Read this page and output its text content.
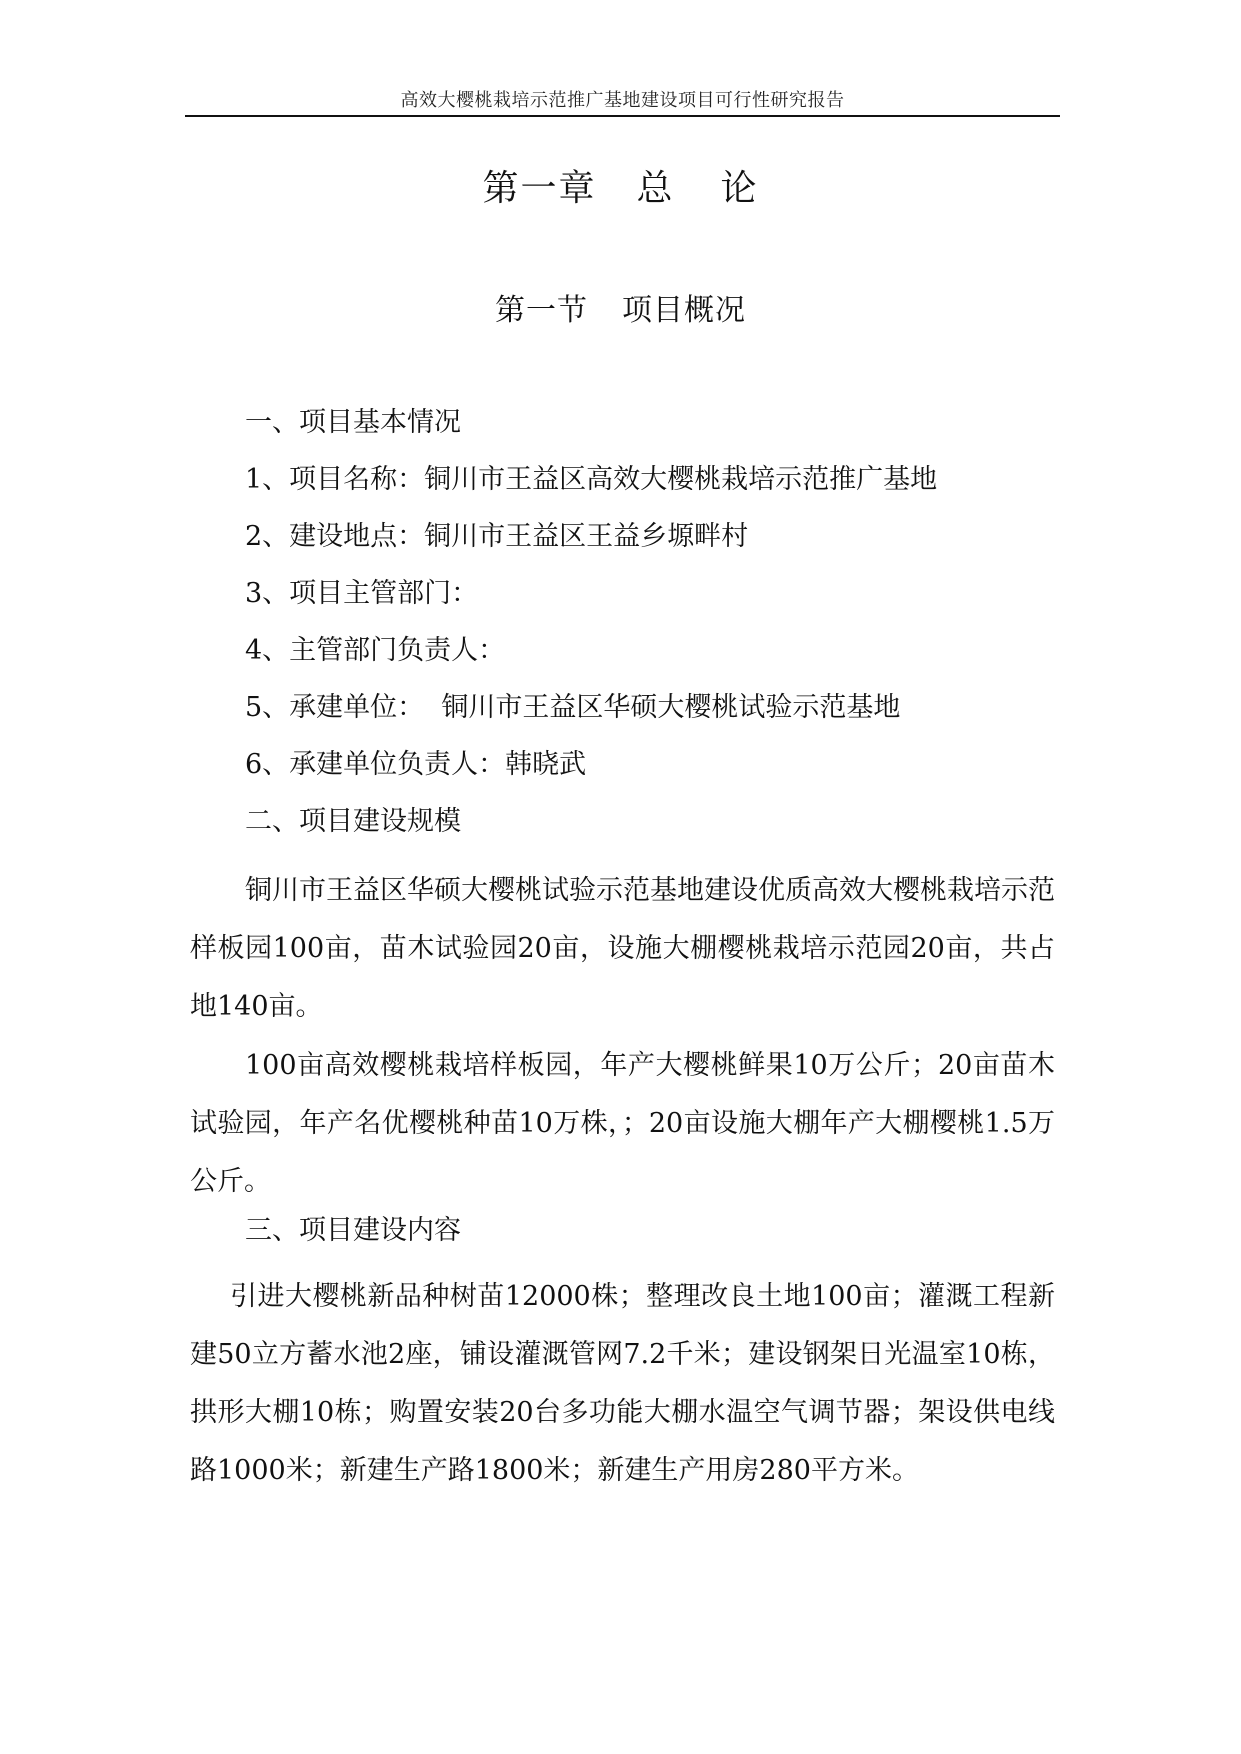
高效大樱桃栽培示范推广基地建设项目可行性研究报告
第一章 总 论
第一节 项目概况
一、项目基本情况
1、项目名称：铜川市王益区高效大樱桃栽培示范推广基地
2、建设地点：铜川市王益区王益乡塬畔村
3、项目主管部门：
4、主管部门负责人：
5、承建单位：  铜川市王益区华硕大樱桃试验示范基地
6、承建单位负责人：韩晓武
二、项目建设规模
铜川市王益区华硕大樱桃试验示范基地建设优质高效大樱桃栽培示范样板园100亩，苗木试验园20亩，设施大棚樱桃栽培示范园20亩，共占地140亩。
100亩高效樱桃栽培样板园，年产大樱桃鲜果10万公斤；20亩苗木试验园，年产名优樱桃种苗10万株，；20亩设施大棚年产大棚樱桃1.5万公斤。
三、项目建设内容
引进大樱桃新品种树苗12000株；整理改良土地100亩；灌溉工程新建50立方蓄水池2座，铺设灌溉管网7.2千米；建设钢架日光温室10栋，拱形大棚10栋；购置安装20台多功能大棚水温空气调节器；架设供电线路1000米；新建生产路1800米；新建生产用房280平方米。
